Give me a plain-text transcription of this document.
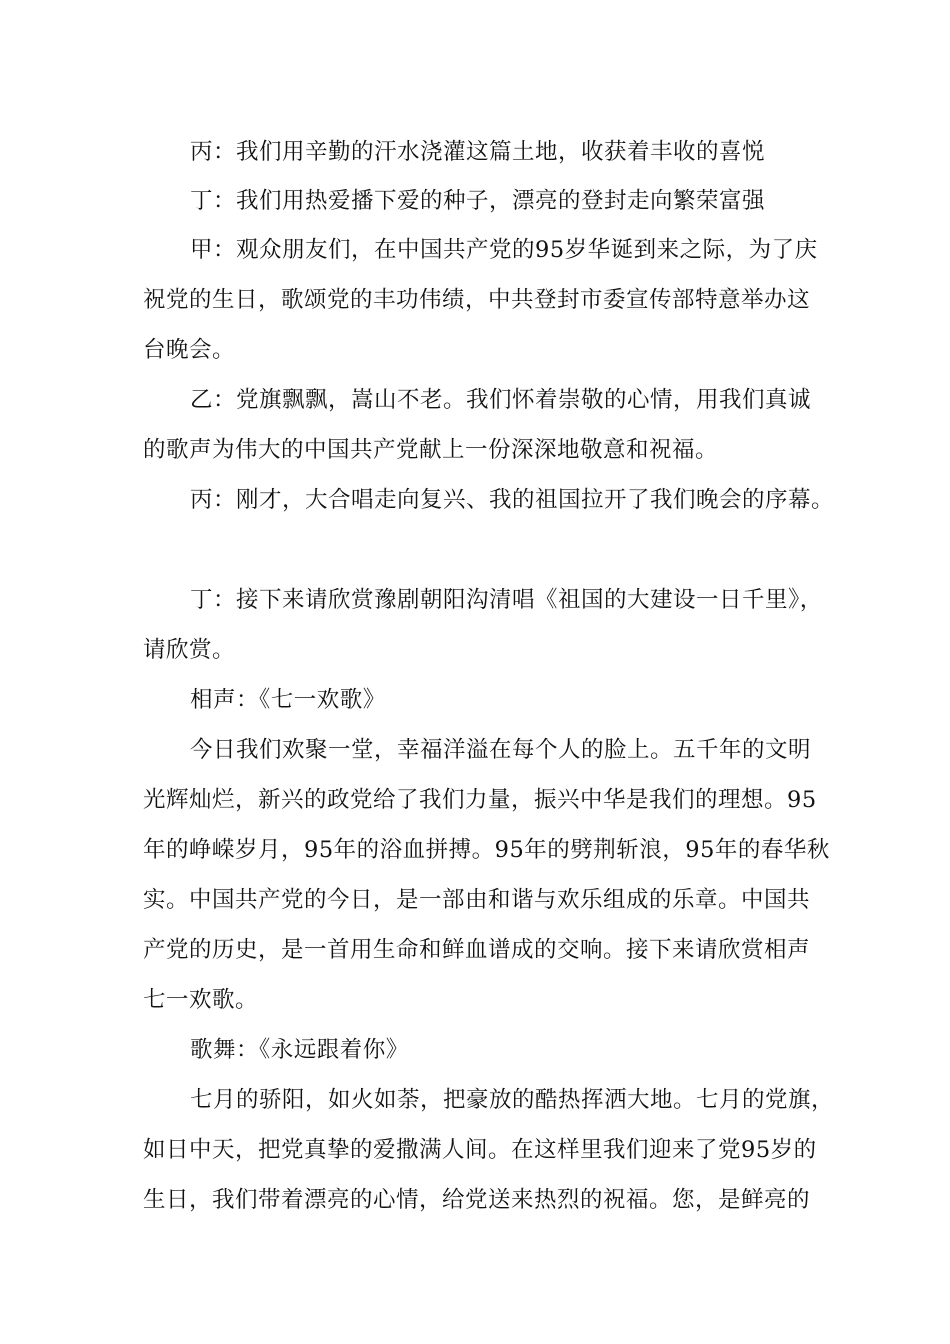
丙：我们用辛勤的汗水浇灌这篇土地，收获着丰收的喜悦
丁：我们用热爱播下爱的种子，漂亮的登封走向繁荣富强
甲：观众朋友们，在中国共产党的95岁华诞到来之际，为了庆
祝党的生日，歌颂党的丰功伟绩，中共登封市委宣传部特意举办这
台晚会。
乙：党旗飘飘，嵩山不老。我们怀着崇敬的心情，用我们真诚
的歌声为伟大的中国共产党献上一份深深地敬意和祝福。
丙：刚才，大合唱走向复兴、我的祖国拉开了我们晚会的序幕。
丁：接下来请欣赏豫剧朝阳沟清唱《祖国的大建设一日千里》，
请欣赏。
相声：《七一欢歌》
今日我们欢聚一堂，幸福洋溢在每个人的脸上。五千年的文明
光辉灿烂，新兴的政党给了我们力量，振兴中华是我们的理想。95
年的峥嵘岁月，95年的浴血拼搏。95年的劈荆斩浪，95年的春华秋
实。中国共产党的今日，是一部由和谐与欢乐组成的乐章。中国共
产党的历史，是一首用生命和鲜血谱成的交响。接下来请欣赏相声
七一欢歌。
歌舞：《永远跟着你》
七月的骄阳，如火如荼，把豪放的酷热挥洒大地。七月的党旗，
如日中天，把党真挚的爱撒满人间。在这样里我们迎来了党95岁的
生日，我们带着漂亮的心情，给党送来热烈的祝福。您，是鲜亮的
